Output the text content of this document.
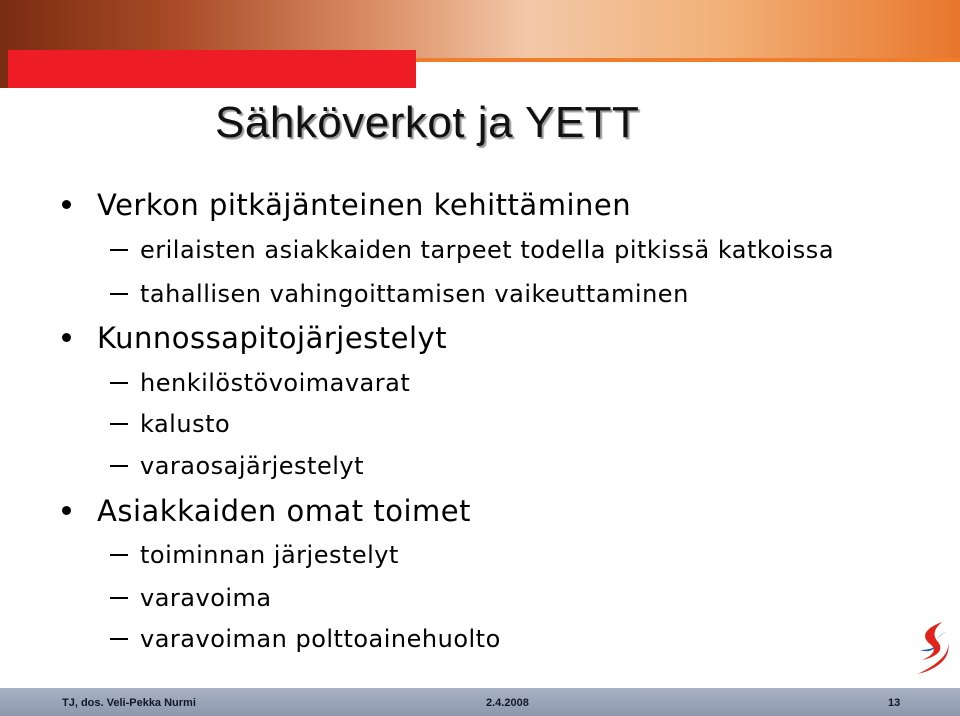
Sähköverkot ja YETT
Verkon pitkäjänteinen kehittäminen
erilaisten asiakkaiden tarpeet todella pitkissä katkoissa
tahallisen vahingoittamisen vaikeuttaminen
Kunnossapitojärjestelyt
henkilöstövoimavarat
kalusto
varaosajärjestelyt
Asiakkaiden omat toimet
toiminnan järjestelyt
varavoima
varavoiman polttoainehuolto
TJ, dos. Veli-Pekka Nurmi	2.4.2008	13
